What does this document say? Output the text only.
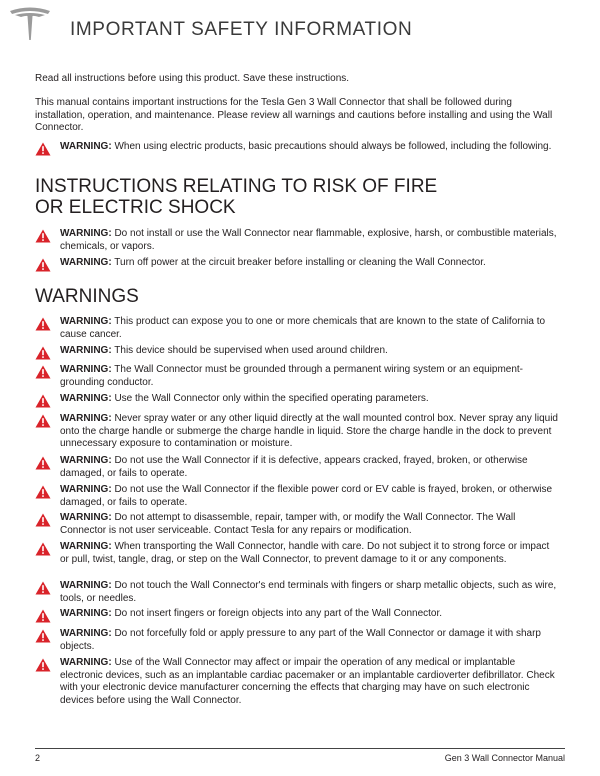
IMPORTANT SAFETY INFORMATION
Read all instructions before using this product. Save these instructions.
This manual contains important instructions for the Tesla Gen 3 Wall Connector that shall be followed during installation, operation, and maintenance. Please review all warnings and cautions before installing and using the Wall Connector.
WARNING: When using electric products, basic precautions should always be followed, including the following.
INSTRUCTIONS RELATING TO RISK OF FIRE OR ELECTRIC SHOCK
WARNING: Do not install or use the Wall Connector near flammable, explosive, harsh, or combustible materials, chemicals, or vapors.
WARNING: Turn off power at the circuit breaker before installing or cleaning the Wall Connector.
WARNINGS
WARNING: This product can expose you to one or more chemicals that are known to the state of California to cause cancer.
WARNING: This device should be supervised when used around children.
WARNING: The Wall Connector must be grounded through a permanent wiring system or an equipment-grounding conductor.
WARNING: Use the Wall Connector only within the specified operating parameters.
WARNING: Never spray water or any other liquid directly at the wall mounted control box. Never spray any liquid onto the charge handle or submerge the charge handle in liquid. Store the charge handle in the dock to prevent unnecessary exposure to contamination or moisture.
WARNING: Do not use the Wall Connector if it is defective, appears cracked, frayed, broken, or otherwise damaged, or fails to operate.
WARNING: Do not use the Wall Connector if the flexible power cord or EV cable is frayed, broken, or otherwise damaged, or fails to operate.
WARNING: Do not attempt to disassemble, repair, tamper with, or modify the Wall Connector. The Wall Connector is not user serviceable. Contact Tesla for any repairs or modification.
WARNING: When transporting the Wall Connector, handle with care. Do not subject it to strong force or impact or pull, twist, tangle, drag, or step on the Wall Connector, to prevent damage to it or any components.
WARNING: Do not touch the Wall Connector's end terminals with fingers or sharp metallic objects, such as wire, tools, or needles.
WARNING: Do not insert fingers or foreign objects into any part of the Wall Connector.
WARNING: Do not forcefully fold or apply pressure to any part of the Wall Connector or damage it with sharp objects.
WARNING: Use of the Wall Connector may affect or impair the operation of any medical or implantable electronic devices, such as an implantable cardiac pacemaker or an implantable cardioverter defibrillator. Check with your electronic device manufacturer concerning the effects that charging may have on such electronic devices before using the Wall Connector.
2	Gen 3 Wall Connector Manual
